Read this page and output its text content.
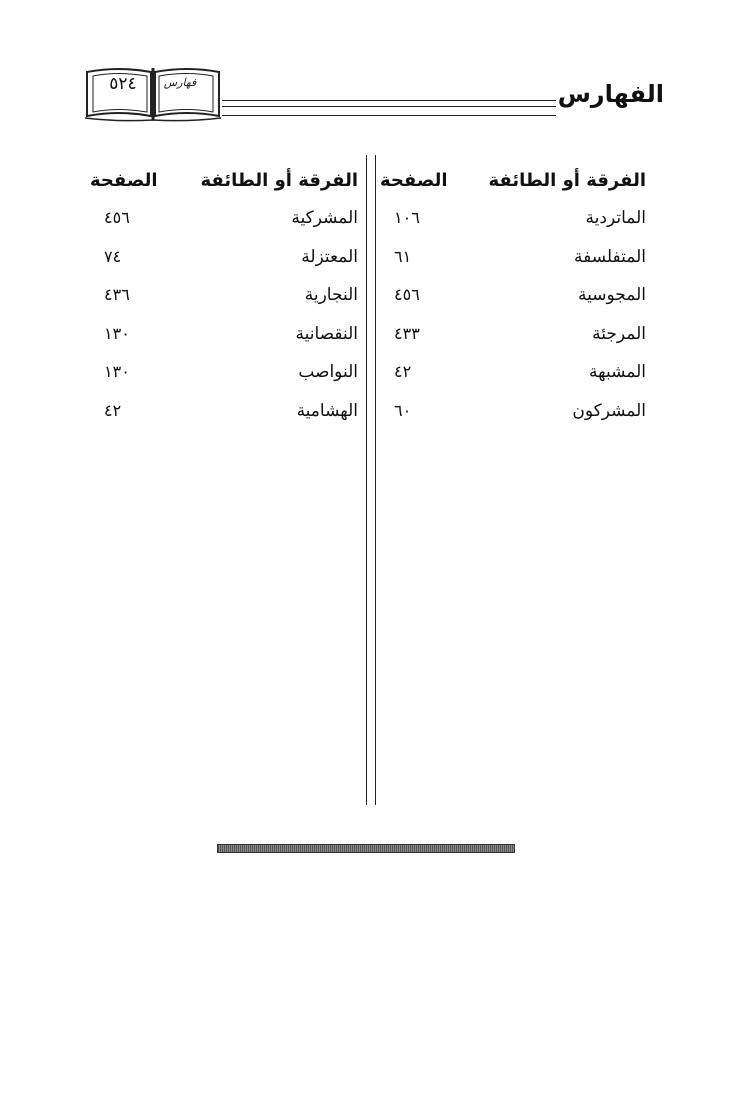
الفهارس
فهارس
٥٢٤
الفرقة أو الطائفة
الصفحة
الماتردية
١٠٦
المتفلسفة
٦١
المجوسية
٤٥٦
المرجئة
٤٣٣
المشبهة
٤٢
المشركون
٦٠
الفرقة أو الطائفة
الصفحة
المشركية
٤٥٦
المعتزلة
٧٤
النجارية
٤٣٦
النقصانية
١٣٠
النواصب
١٣٠
الهشامية
٤٢
